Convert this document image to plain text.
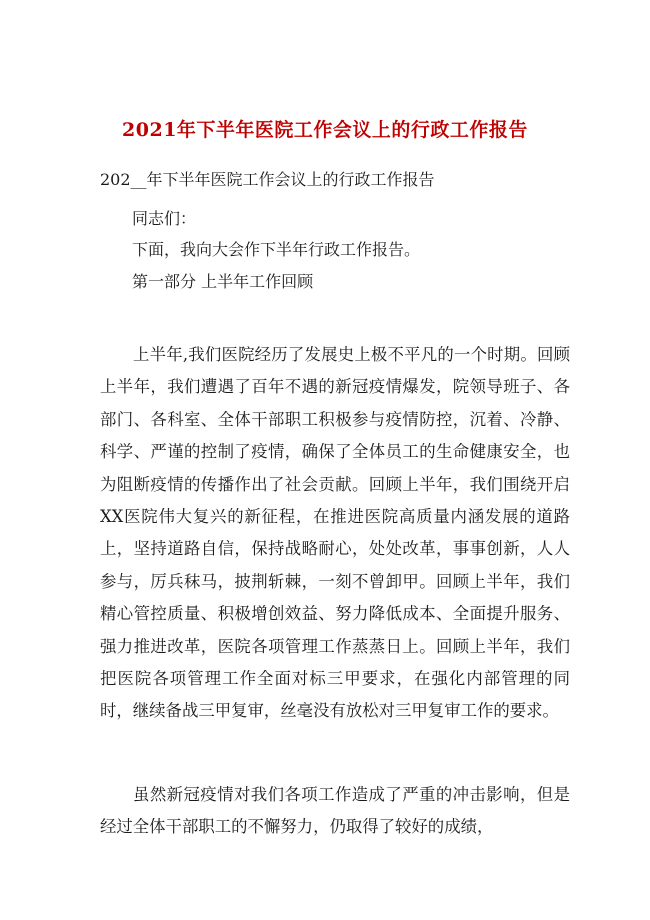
2021年下半年医院工作会议上的行政工作报告
202__年下半年医院工作会议上的行政工作报告
同志们：
下面，我向大会作下半年行政工作报告。
第一部分 上半年工作回顾
上半年,我们医院经历了发展史上极不平凡的一个时期。回顾上半年，我们遭遇了百年不遇的新冠疫情爆发，院领导班子、各部门、各科室、全体干部职工积极参与疫情防控，沉着、冷静、科学、严谨的控制了疫情，确保了全体员工的生命健康安全，也为阻断疫情的传播作出了社会贡献。回顾上半年，我们围绕开启XX医院伟大复兴的新征程，在推进医院高质量内涵发展的道路上，坚持道路自信，保持战略耐心，处处改革，事事创新，人人参与，厉兵秣马，披荆斩棘，一刻不曾卸甲。回顾上半年，我们精心管控质量、积极增创效益、努力降低成本、全面提升服务、强力推进改革，医院各项管理工作蒸蒸日上。回顾上半年，我们把医院各项管理工作全面对标三甲要求，在强化内部管理的同时，继续备战三甲复审，丝毫没有放松对三甲复审工作的要求。
虽然新冠疫情对我们各项工作造成了严重的冲击影响，但是经过全体干部职工的不懈努力，仍取得了较好的成绩，
